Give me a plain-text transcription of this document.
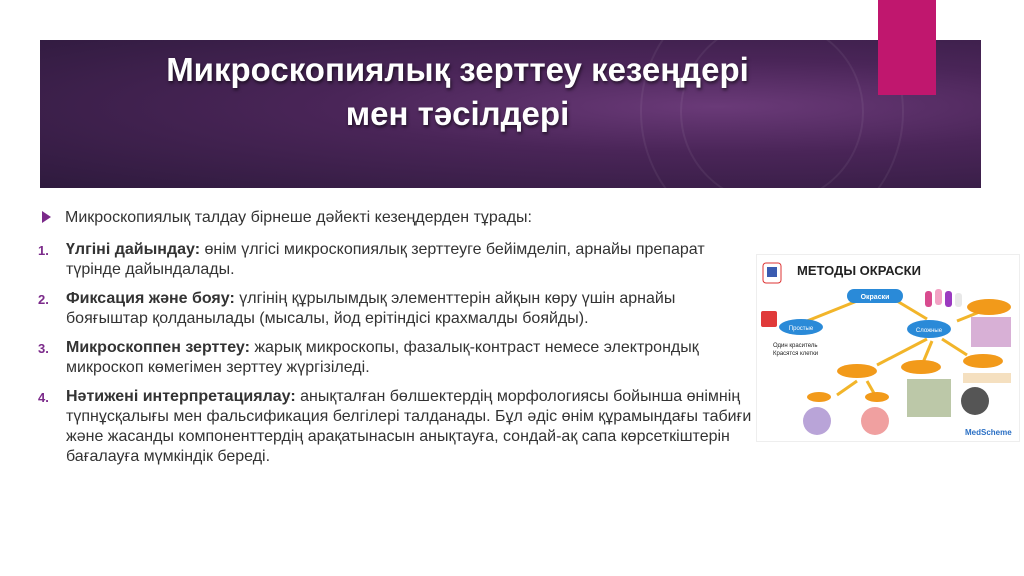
Микроскопиялық зерттеу кезеңдері
мен тәсілдері
Микроскопиялық талдау бірнеше дәйекті кезеңдерден тұрады:
1.	Үлгіні дайындау: өнім үлгісі микроскопиялық зерттеуге бейімделіп, арнайы препарат түрінде дайындалады.
2.	Фиксация және бояу: үлгінің құрылымдық элементтерін айқын көру үшін арнайы бояғыштар қолданылады (мысалы, йод ерітіндісі крахмалды бояйды).
3.	Микроскоппен зерттеу: жарық микроскопы, фазалық-контраст немесе электрондық микроскоп көмегімен зерттеу жүргізіледі.
4.	Нәтижені интерпретациялау: анықталған бөлшектердің морфологиясы бойынша өнімнің түпнұсқалығы мен фальсификация белгілері талданады. Бұл әдіс өнім құрамындағы табиғи және жасанды компоненттердің арақатынасын анықтауға, сондай-ақ сапа көрсеткіштерін бағалауға мүмкіндік береді.
МЕТОДЫ ОКРАСКИ
Окраски
Простые
Один краситель
Красятся клетки
Сложные
MedScheme
